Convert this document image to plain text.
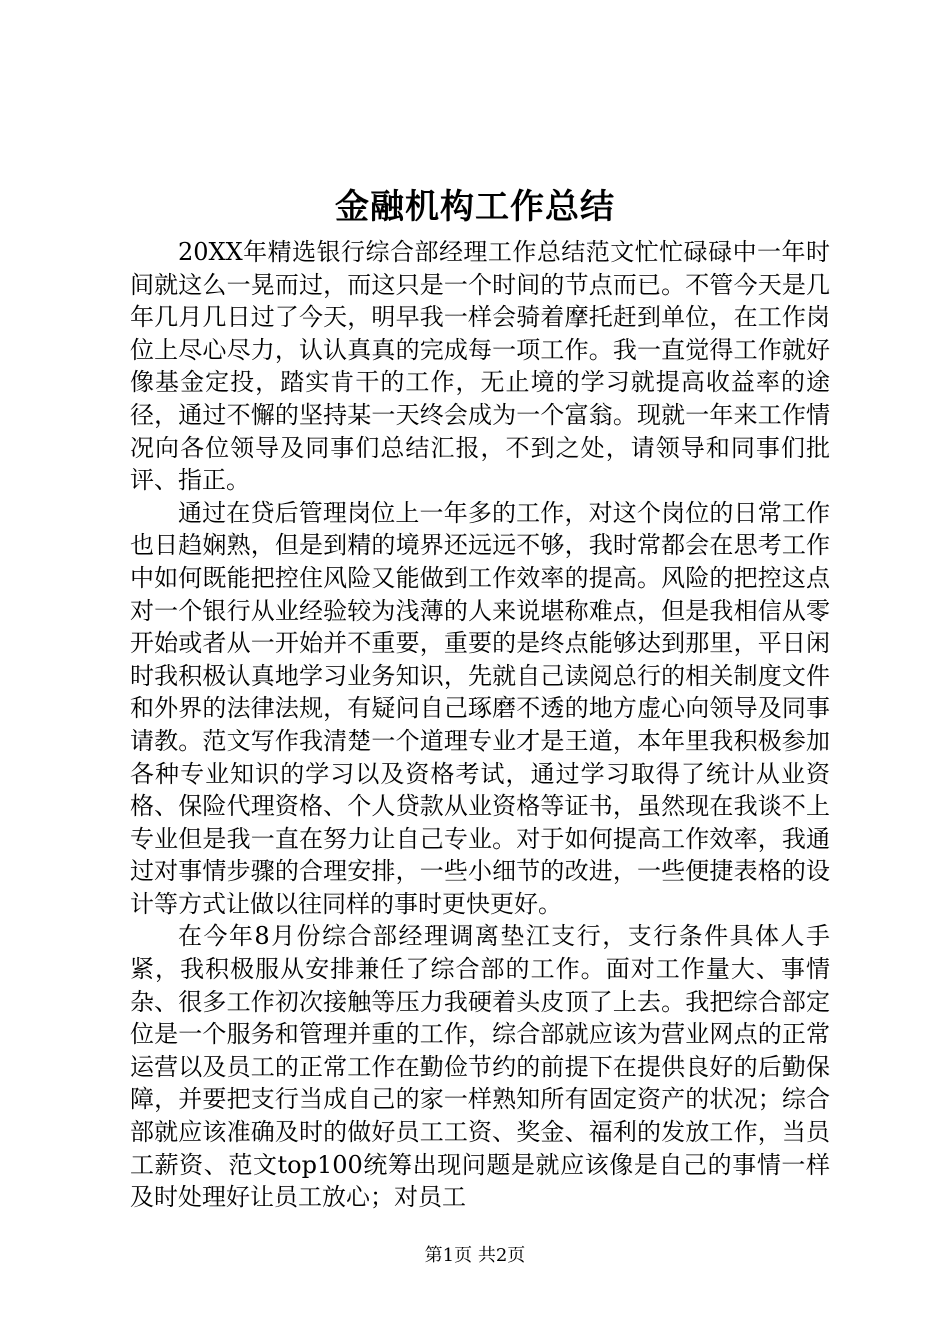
金融机构工作总结

20XX年精选银行综合部经理工作总结范文忙忙碌碌中一年时间就这么一晃而过，而这只是一个时间的节点而已。不管今天是几年几月几日过了今天，明早我一样会骑着摩托赶到单位，在工作岗位上尽心尽力，认认真真的完成每一项工作。我一直觉得工作就好像基金定投，踏实肯干的工作，无止境的学习就提高收益率的途径，通过不懈的坚持某一天终会成为一个富翁。现就一年来工作情况向各位领导及同事们总结汇报，不到之处，请领导和同事们批评、指正。

通过在贷后管理岗位上一年多的工作，对这个岗位的日常工作也日趋娴熟，但是到精的境界还远远不够，我时常都会在思考工作中如何既能把控住风险又能做到工作效率的提高。风险的把控这点对一个银行从业经验较为浅薄的人来说堪称难点，但是我相信从零开始或者从一开始并不重要，重要的是终点能够达到那里，平日闲时我积极认真地学习业务知识，先就自己读阅总行的相关制度文件和外界的法律法规，有疑问自己琢磨不透的地方虚心向领导及同事请教。范文写作我清楚一个道理专业才是王道，本年里我积极参加各种专业知识的学习以及资格考试，通过学习取得了统计从业资格、保险代理资格、个人贷款从业资格等证书，虽然现在我谈不上专业但是我一直在努力让自己专业。对于如何提高工作效率，我通过对事情步骤的合理安排，一些小细节的改进，一些便捷表格的设计等方式让做以往同样的事时更快更好。

在今年8月份综合部经理调离垫江支行，支行条件具体人手紧，我积极服从安排兼任了综合部的工作。面对工作量大、事情杂、很多工作初次接触等压力我硬着头皮顶了上去。我把综合部定位是一个服务和管理并重的工作，综合部就应该为营业网点的正常运营以及员工的正常工作在勤俭节约的前提下在提供良好的后勤保障，并要把支行当成自己的家一样熟知所有固定资产的状况；综合部就应该准确及时的做好员工工资、奖金、福利的发放工作，当员工薪资、范文top100统筹出现问题是就应该像是自己的事情一样及时处理好让员工放心；对员工

第1页 共2页
